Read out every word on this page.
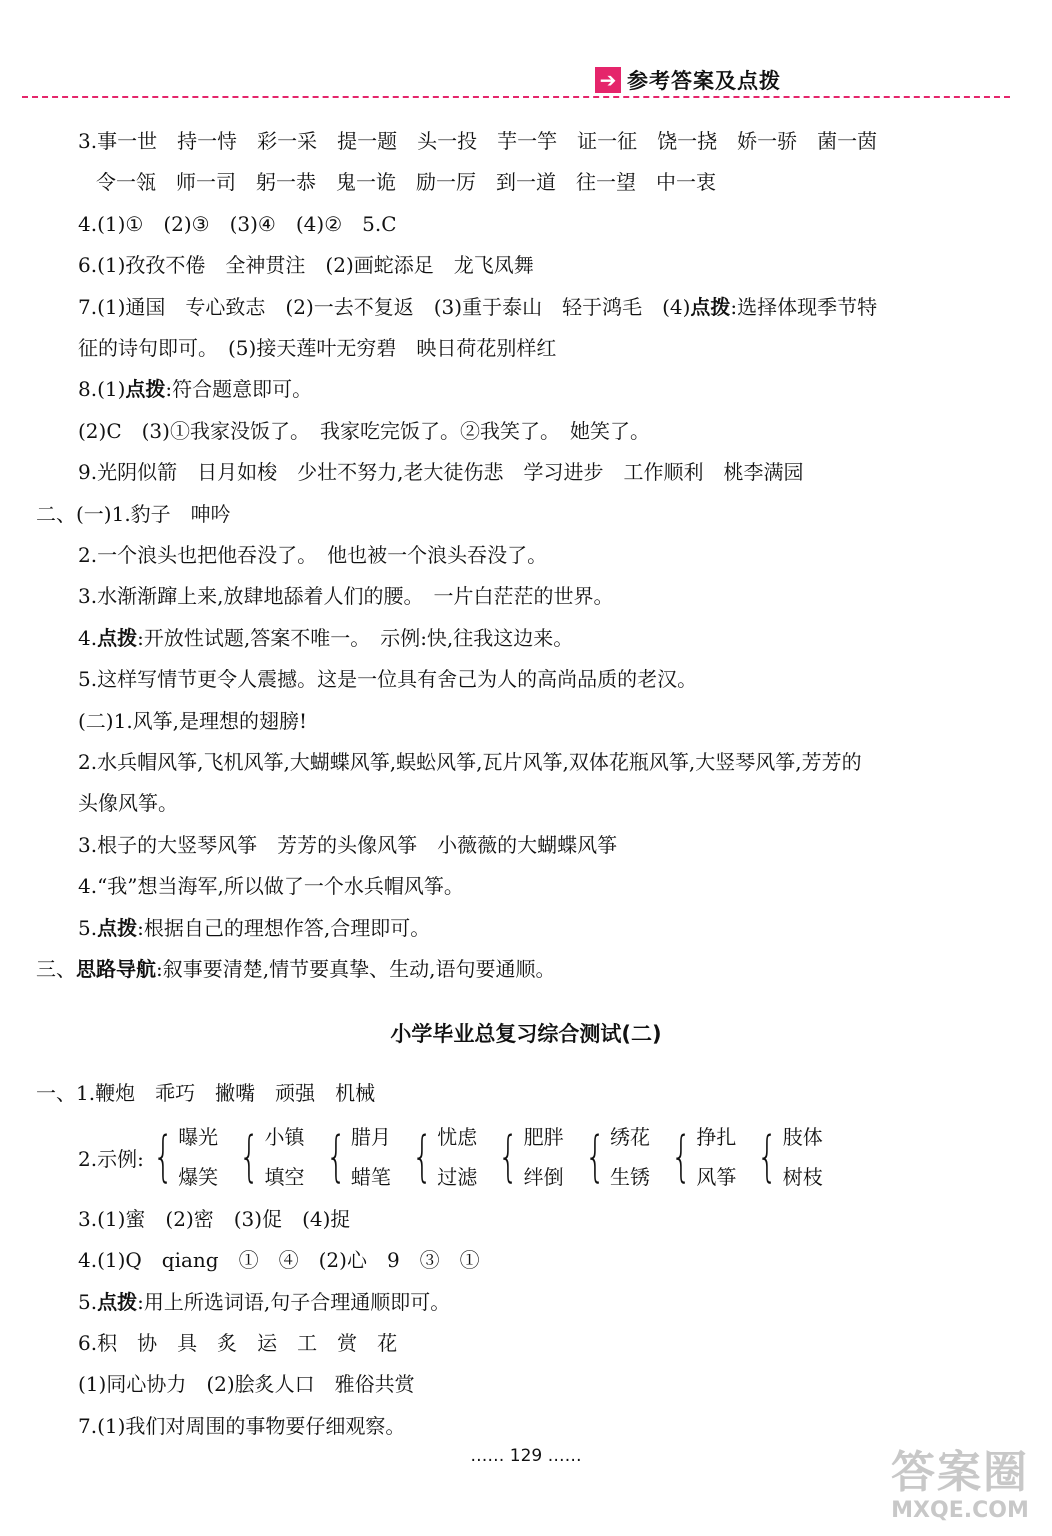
➔ 参考答案及点拨
3.事一世　持一恃　彩一采　提一题　头一投　芋一竽　证一征　饶一挠　娇一骄　菌一茵
令一瓴　师一司　躬一恭　鬼一诡　励一厉　到一道　往一望　中一衷
4.(1)①　(2)③　(3)④　(4)②　5.C
6.(1)孜孜不倦　全神贯注　(2)画蛇添足　龙飞凤舞
7.(1)通国　专心致志　(2)一去不复返　(3)重于泰山　轻于鸿毛　(4)点拨:选择体现季节特
征的诗句即可。　(5)接天莲叶无穷碧　映日荷花别样红
8.(1)点拨:符合题意即可。
(2)C　(3)①我家没饭了。　我家吃完饭了。②我笑了。　她笑了。
9.光阴似箭　日月如梭　少壮不努力,老大徒伤悲　学习进步　工作顺利　桃李满园
二、(一)1.豹子　呻吟
2.一个浪头也把他吞没了。　他也被一个浪头吞没了。
3.水渐渐蹿上来,放肆地舔着人们的腰。　一片白茫茫的世界。
4.点拨:开放性试题,答案不唯一。　示例:快,往我这边来。
5.这样写情节更令人震撼。这是一位具有舍己为人的高尚品质的老汉。
(二)1.风筝,是理想的翅膀!
2.水兵帽风筝,飞机风筝,大蝴蝶风筝,蜈蚣风筝,瓦片风筝,双体花瓶风筝,大竖琴风筝,芳芳的
头像风筝。
3.根子的大竖琴风筝　芳芳的头像风筝　小薇薇的大蝴蝶风筝
4.“我”想当海军,所以做了一个水兵帽风筝。
5.点拨:根据自己的理想作答,合理即可。
三、思路导航:叙事要清楚,情节要真挚、生动,语句要通顺。
小学毕业总复习综合测试(二)
一、1.鞭炮　乖巧　撇嘴　顽强　机械
2.示例: { 曝光
爆笑 { 小镇
填空 { 腊月
蜡笔 { 忧虑
过滤 { 肥胖
绊倒 { 绣花
生锈 { 挣扎
风筝 { 肢体
树枝
3.(1)蜜　(2)密　(3)促　(4)捉
4.(1)Q　qiang　①　④　(2)心　9　③　①
5.点拨:用上所选词语,句子合理通顺即可。
6.积　协　具　炙　运　工　赏　花
(1)同心协力　(2)脍炙人口　雅俗共赏
7.(1)我们对周围的事物要仔细观察。
…… 129 ……	答案圈
MXQE.COM
